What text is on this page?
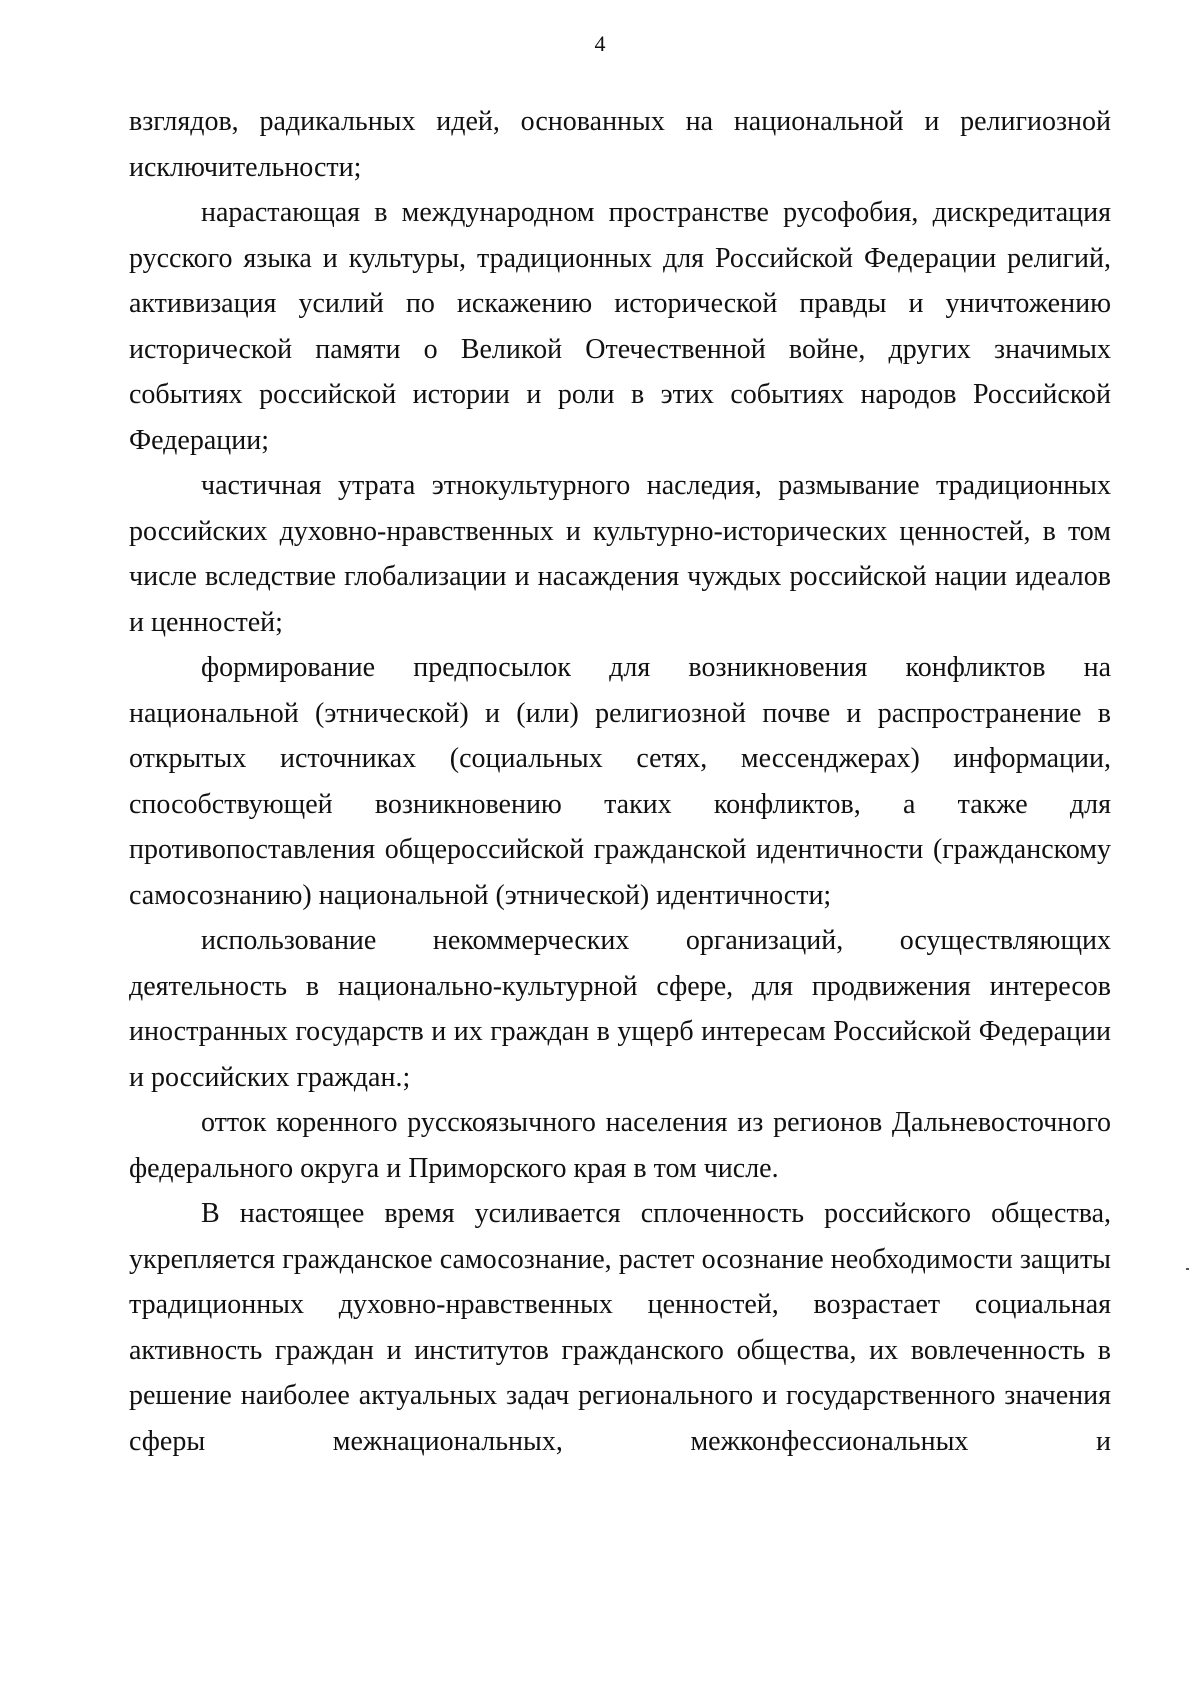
4

взглядов, радикальных идей, основанных на национальной и религиозной исключительности;

нарастающая в международном пространстве русофобия, дискредитация русского языка и культуры, традиционных для Российской Федерации религий, активизация усилий по искажению исторической правды и уничтожению исторической памяти о Великой Отечественной войне, других значимых событиях российской истории и роли в этих событиях народов Российской Федерации;

частичная утрата этнокультурного наследия, размывание традиционных российских духовно-нравственных и культурно-исторических ценностей, в том числе вследствие глобализации и насаждения чуждых российской нации идеалов и ценностей;

формирование предпосылок для возникновения конфликтов на национальной (этнической) и (или) религиозной почве и распространение в открытых источниках (социальных сетях, мессенджерах) информации, способствующей возникновению таких конфликтов, а также для противопоставления общероссийской гражданской идентичности (гражданскому самосознанию) национальной (этнической) идентичности;

использование некоммерческих организаций, осуществляющих деятельность в национально-культурной сфере, для продвижения интересов иностранных государств и их граждан в ущерб интересам Российской Федерации и российских граждан.;

отток коренного русскоязычного населения из регионов Дальневосточного федерального округа и Приморского края в том числе.

В настоящее время усиливается сплоченность российского общества, укрепляется гражданское самосознание, растет осознание необходимости защиты традиционных духовно-нравственных ценностей, возрастает социальная активность граждан и институтов гражданского общества, их вовлеченность в решение наиболее актуальных задач регионального и государственного значения сферы межнациональных, межконфессиональных и
